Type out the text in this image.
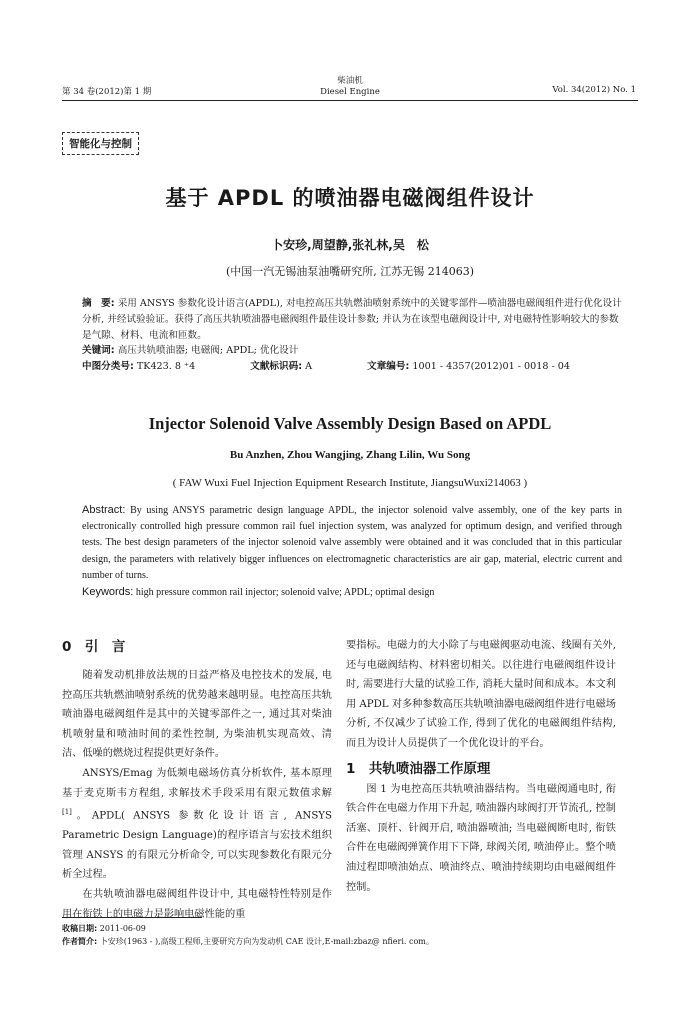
第 34 卷(2012)第 1 期
柴油机
Diesel Engine	Vol. 34(2012) No. 1
智能化与控制
基于 APDL 的喷油器电磁阀组件设计
卜安珍,周望静,张礼林,吴　松
(中国一汽无锡油泵油嘴研究所, 江苏无锡 214063)
摘　要: 采用 ANSYS 参数化设计语言(APDL), 对电控高压共轨燃油喷射系统中的关键零部件—喷油器电磁阀组件进行优化设计分析, 并经试验验证。获得了高压共轨喷油器电磁阀组件最佳设计参数; 并认为在该型电磁阀设计中, 对电磁特性影响较大的参数是气隙、材料、电流和匝数。
关键词: 高压共轨喷油器; 电磁阀; APDL; 优化设计
中图分类号: TK423. 8 ⁺4	文献标识码: A	文章编号: 1001 - 4357(2012)01 - 0018 - 04
Injector Solenoid Valve Assembly Design Based on APDL
Bu Anzhen, Zhou Wangjing, Zhang Lilin, Wu Song
( FAW Wuxi Fuel Injection Equipment Research Institute, JiangsuWuxi214063 )
Abstract: By using ANSYS parametric design language APDL, the injector solenoid valve assembly, one of the key parts in electronically controlled high pressure common rail fuel injection system, was analyzed for optimum design, and verified through tests. The best design parameters of the injector solenoid valve assembly were obtained and it was concluded that in this particular design, the parameters with relatively bigger influences on electromagnetic characteristics are air gap, material, electric current and number of turns.
Keywords: high pressure common rail injector; solenoid valve; APDL; optimal design
0　引　言

随着发动机排放法规的日益严格及电控技术的发展, 电控高压共轨燃油喷射系统的优势越来越明显。电控高压共轨喷油器电磁阀组件是其中的关键零部件之一, 通过其对柴油机喷射量和喷油时间的柔性控制, 为柴油机实现高效、清洁、低噪的燃烧过程提供更好条件。

ANSYS/Emag 为低频电磁场仿真分析软件, 基本原理基于麦克斯韦方程组, 求解技术手段采用有限元数值求解[1]。APDL( ANSYS 参数化设计语言, ANSYS Parametric Design Language)的程序语言与宏技术组织管理 ANSYS 的有限元分析命令, 可以实现参数化有限元分析全过程。

在共轨喷油器电磁阀组件设计中, 其电磁特性特别是作用在衔铁上的电磁力是影响电磁性能的重

要指标。电磁力的大小除了与电磁阀驱动电流、线圈有关外, 还与电磁阀结构、材料密切相关。以往进行电磁阀组件设计时, 需要进行大量的试验工作, 消耗大量时间和成本。本文利用 APDL 对多种参数高压共轨喷油器电磁阀组件进行电磁场分析, 不仅减少了试验工作, 得到了优化的电磁阀组件结构, 而且为设计人员提供了一个优化设计的平台。

1　共轨喷油器工作原理

图 1 为电控高压共轨喷油器结构。当电磁阀通电时, 衔铁合件在电磁力作用下升起, 喷油器内球阀打开节流孔, 控制活塞、顶杆、针阀开启, 喷油器喷油; 当电磁阀断电时, 衔铁合件在电磁阀弹簧作用下下降, 球阀关闭, 喷油停止。整个喷油过程即喷油始点、喷油终点、喷油持续期均由电磁阀组件控制。

收稿日期: 2011-06-09
作者简介: 卜安珍(1963 - ),高级工程师,主要研究方向为发动机 CAE 设计,E-mail:zbaz@ nfieri. com。
